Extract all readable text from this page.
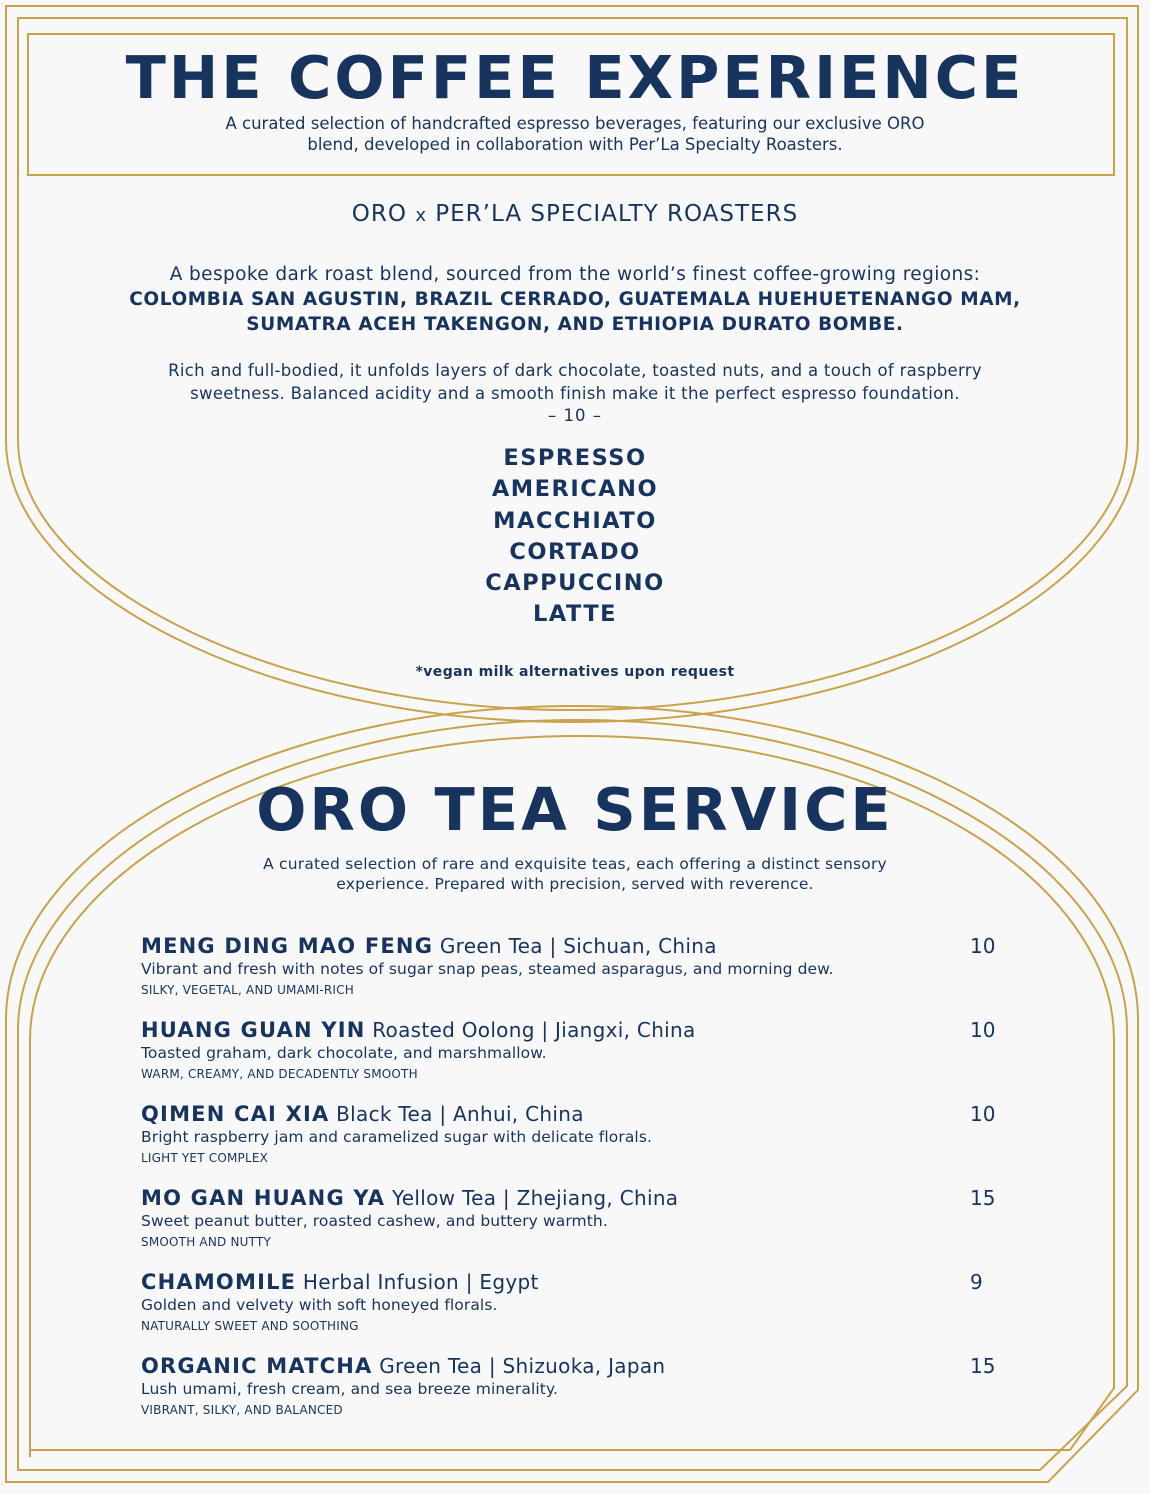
THE COFFEE EXPERIENCE
A curated selection of handcrafted espresso beverages, featuring our exclusive ORO
blend, developed in collaboration with Per’La Specialty Roasters.
ORO x PER’LA SPECIALTY ROASTERS
A bespoke dark roast blend, sourced from the world’s finest coffee-growing regions:
COLOMBIA SAN AGUSTIN, BRAZIL CERRADO, GUATEMALA HUEHUETENANGO MAM,
SUMATRA ACEH TAKENGON, AND ETHIOPIA DURATO BOMBE.
Rich and full-bodied, it unfolds layers of dark chocolate, toasted nuts, and a touch of raspberry
sweetness. Balanced acidity and a smooth finish make it the perfect espresso foundation.
– 10 –
ESPRESSO
AMERICANO
MACCHIATO
CORTADO
CAPPUCCINO
LATTE
*vegan milk alternatives upon request
ORO TEA SERVICE
A curated selection of rare and exquisite teas, each offering a distinct sensory
experience. Prepared with precision, served with reverence.
MENG DING MAO FENG Green Tea | Sichuan, China	10
Vibrant and fresh with notes of sugar snap peas, steamed asparagus, and morning dew.
SILKY, VEGETAL, AND UMAMI-RICH
HUANG GUAN YIN Roasted Oolong | Jiangxi, China	10
Toasted graham, dark chocolate, and marshmallow.
WARM, CREAMY, AND DECADENTLY SMOOTH
QIMEN CAI XIA Black Tea | Anhui, China	10
Bright raspberry jam and caramelized sugar with delicate florals.
LIGHT YET COMPLEX
MO GAN HUANG YA Yellow Tea | Zhejiang, China	15
Sweet peanut butter, roasted cashew, and buttery warmth.
SMOOTH AND NUTTY
CHAMOMILE Herbal Infusion | Egypt	9
Golden and velvety with soft honeyed florals.
NATURALLY SWEET AND SOOTHING
ORGANIC MATCHA Green Tea | Shizuoka, Japan	15
Lush umami, fresh cream, and sea breeze minerality.
VIBRANT, SILKY, AND BALANCED
